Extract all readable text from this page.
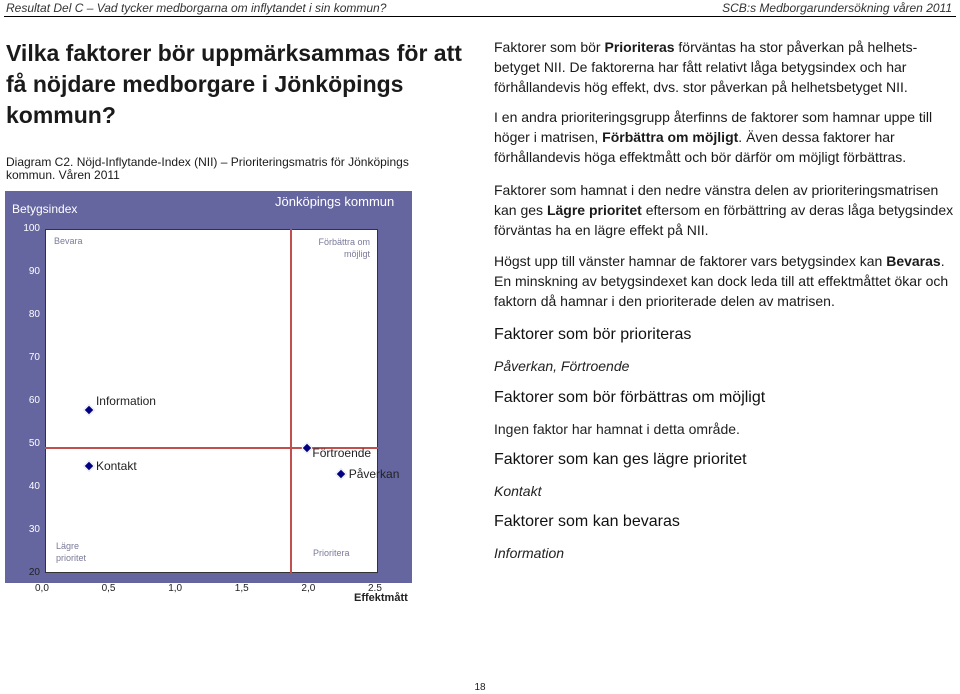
Resultat Del C – Vad tycker medborgarna om inflytandet i sin kommun?	SCB:s Medborgarundersökning våren 2011
Vilka faktorer bör uppmärksammas för att få nöjdare medborgare i Jönköpings kommun?
Diagram C2. Nöjd-Inflytande-Index (NII) – Prioriteringsmatris för Jönköpings kommun. Våren 2011
Jönköpings kommun
Betygsindex
100
90
80
70
60
50
40
30
20
0,0	0,5	1,0	1,5	2,0	2.5
Bevara	Förbättra om möjligt
Lägre prioritet	Prioritera
Information
Kontakt
Förtroende
Påverkan
Effektmått
Faktorer som bör Prioriteras förväntas ha stor påverkan på helhets-betyget NII. De faktorerna har fått relativt låga betygsindex och har förhållandevis hög effekt, dvs. stor påverkan på helhetsbetyget NII.
I en andra prioriteringsgrupp återfinns de faktorer som hamnar uppe till höger i matrisen, Förbättra om möjligt. Även dessa faktorer har förhållandevis höga effektmått och bör därför om möjligt förbättras.
Faktorer som hamnat i den nedre vänstra delen av prioriteringsmatrisen kan ges Lägre prioritet eftersom en förbättring av deras låga betygsindex förväntas ha en lägre effekt på NII.
Högst upp till vänster hamnar de faktorer vars betygsindex kan Bevaras. En minskning av betygsindexet kan dock leda till att effektmåttet ökar och faktorn då hamnar i den prioriterade delen av matrisen.
Faktorer som bör prioriteras
Påverkan, Förtroende
Faktorer som bör förbättras om möjligt
Ingen faktor har hamnat i detta område.
Faktorer som kan ges lägre prioritet
Kontakt
Faktorer som kan bevaras
Information
18
